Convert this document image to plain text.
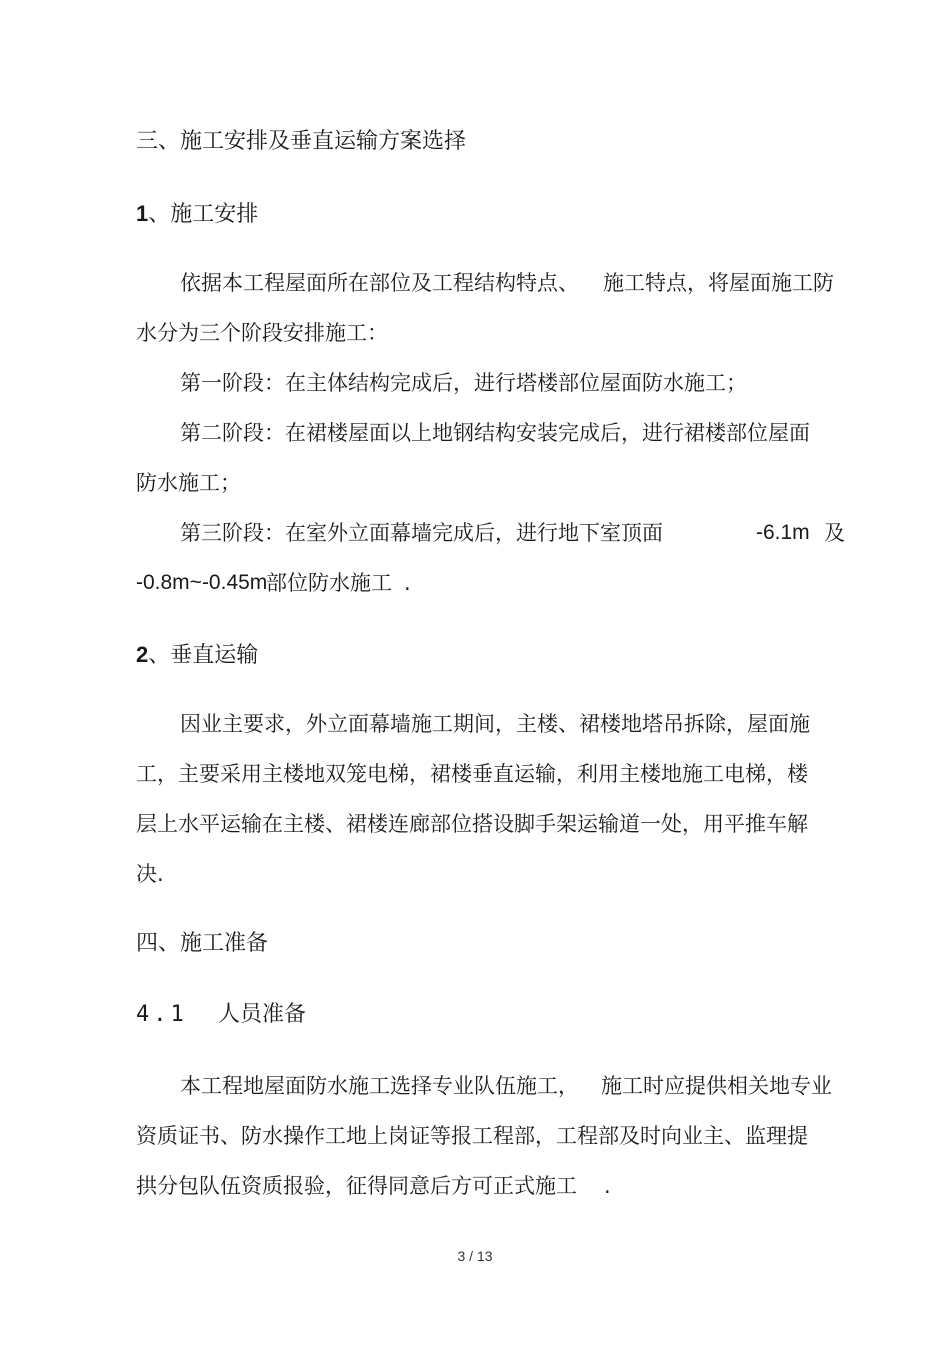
三、施工安排及垂直运输方案选择
1、施工安排
依据本工程屋面所在部位及工程结构特点、 施工特点，将屋面施工防
水分为三个阶段安排施工：
第一阶段：在主体结构完成后，进行塔楼部位屋面防水施工；
第二阶段：在裙楼屋面以上地钢结构安装完成后，进行裙楼部位屋面
防水施工；
第三阶段：在室外立面幕墙完成后，进行地下室顶面	-6.1m 及
-0.8m~-0.45m
部位防水施工 .
2、垂直运输
因业主要求，外立面幕墙施工期间，主楼、裙楼地塔吊拆除，屋面施
工，主要采用主楼地双笼电梯，裙楼垂直运输，利用主楼地施工电梯，楼
层上水平运输在主楼、裙楼连廊部位搭设脚手架运输道一处，用平推车解
决.
四、施工准备
4.1 人员准备
本工程地屋面防水施工选择专业队伍施工， 施工时应提供相关地专业
资质证书、防水操作工地上岗证等报工程部，工程部及时向业主、监理提
拱分包队伍资质报验，征得同意后方可正式施工 .
3 / 13
